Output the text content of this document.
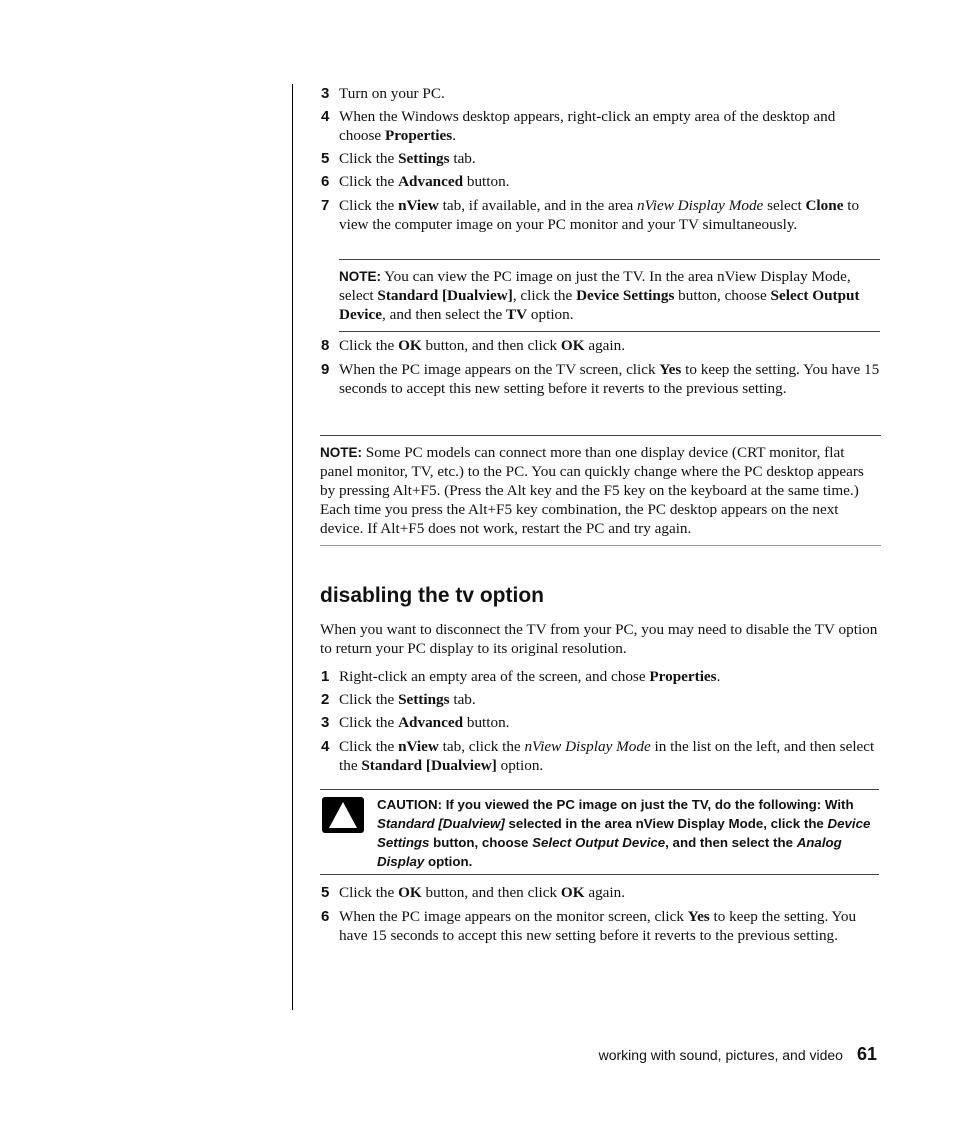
3 Turn on your PC.
4 When the Windows desktop appears, right-click an empty area of the desktop and choose Properties.
5 Click the Settings tab.
6 Click the Advanced button.
7 Click the nView tab, if available, and in the area nView Display Mode select Clone to view the computer image on your PC monitor and your TV simultaneously.
NOTE: You can view the PC image on just the TV. In the area nView Display Mode, select Standard [Dualview], click the Device Settings button, choose Select Output Device, and then select the TV option.
8 Click the OK button, and then click OK again.
9 When the PC image appears on the TV screen, click Yes to keep the setting. You have 15 seconds to accept this new setting before it reverts to the previous setting.
NOTE: Some PC models can connect more than one display device (CRT monitor, flat panel monitor, TV, etc.) to the PC. You can quickly change where the PC desktop appears by pressing Alt+F5. (Press the Alt key and the F5 key on the keyboard at the same time.) Each time you press the Alt+F5 key combination, the PC desktop appears on the next device. If Alt+F5 does not work, restart the PC and try again.
disabling the tv option
When you want to disconnect the TV from your PC, you may need to disable the TV option to return your PC display to its original resolution.
1 Right-click an empty area of the screen, and chose Properties.
2 Click the Settings tab.
3 Click the Advanced button.
4 Click the nView tab, click the nView Display Mode in the list on the left, and then select the Standard [Dualview] option.
CAUTION: If you viewed the PC image on just the TV, do the following: With Standard [Dualview] selected in the area nView Display Mode, click the Device Settings button, choose Select Output Device, and then select the Analog Display option.
5 Click the OK button, and then click OK again.
6 When the PC image appears on the monitor screen, click Yes to keep the setting. You have 15 seconds to accept this new setting before it reverts to the previous setting.
working with sound, pictures, and video 61
